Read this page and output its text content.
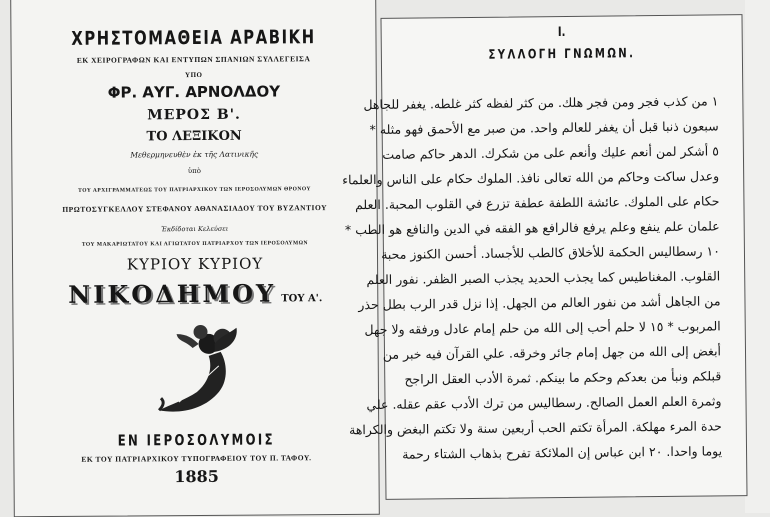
ΧΡΗΣΤΟΜΑΘΕΙΑ ΑΡΑΒΙΚΗ
ΕΚ ΧΕΙΡΟΓΡΑΦΩΝ ΚΑΙ ΕΝΤΥΠΩΝ ΣΠΑΝΙΩΝ ΣΥΛΛΕΓΕΙΣΑ
ΥΠΟ
ΦΡ. ΑΥΓ. ΑΡΝΟΛΔΟΥ
ΜΕΡΟΣ Β'.
ΤΟ ΛΕΞΙΚΟΝ
Μεθερμηνευθὲν ἐκ τῆς Λατινικῆς
ὑπὸ
ΤΟΥ ΑΡΧΙΓΡΑΜΜΑΤΕΩΣ ΤΟΥ ΠΑΤΡΙΑΡΧΙΚΟΥ ΤΩΝ ΙΕΡΟΣΟΛΥΜΩΝ ΘΡΟΝΟΥ
ΠΡΩΤΟΣΥΓΚΕΛΛΟΥ ΣΤΕΦΑΝΟΥ ΑΘΑΝΑΣΙΑΔΟΥ ΤΟΥ ΒΥΖΑΝΤΙΟΥ
Ἐκδίδοται Κελεύσει
ΤΟΥ ΜΑΚΑΡΙΩΤΑΤΟΥ ΚΑΙ ΑΓΙΩΤΑΤΟΥ ΠΑΤΡΙΑΡΧΟΥ ΤΩΝ ΙΕΡΟΣΟΛΥΜΩΝ
ΚΥΡΙΟΥ ΚΥΡΙΟΥ
ΝΙΚΟΔΗΜΟΥ ΤΟΥ Α'.
ΕΝ ΙΕΡΟΣΟΛΥΜΟΙΣ
ΕΚ ΤΟΥ ΠΑΤΡΙΑΡΧΙΚΟΥ ΤΥΠΟΓΡΑΦΕΙΟΥ ΤΟΥ Π. ΤΑΦΟΥ.
1885
I.
ΣΥΛΛΟΓΗ ΓΝΩΜΩΝ.
١ من كذب فجر ومن فجر هلك. من كثر لفظه كثر غلطه. يغفر للجاهل
سبعون ذنبا قبل أن يغفر للعالم واحد. من صبر مع الأحمق فهو مثله *
٥ أشكر لمن أنعم عليك وأنعم على من شكرك. الدهر حاكم صامت
وعدل ساكت وحاكم من الله تعالى نافذ. الملوك حكام على الناس والعلماء
حكام على الملوك. عائشة اللطفة عطفة تزرع في القلوب المحبة. العلم
علمان علم ينفع وعلم يرفع فالرافع هو الفقه في الدين والنافع هو الطب *
١٠ رسطاليس الحكمة للأخلاق كالطب للأجساد. أحسن الكنوز محبة
القلوب. المغناطيس كما يجذب الحديد يجذب الصبر الظفر. نفور العلم
من الجاهل أشد من نفور العالم من الجهل. إذا نزل قدر الرب بطل حذر
المربوب * ١٥ لا حلم أحب إلى الله من حلم إمام عادل ورفقه ولا جهل
أبغض إلى الله من جهل إمام جائر وخرقه. علي القرآن فيه خبر من
قبلكم ونبأ من بعدكم وحكم ما بينكم. ثمرة الأدب العقل الراجح
وثمرة العلم العمل الصالح. رسطاليس من ترك الأدب عقم عقله. علي
حدة المرء مهلكة. المرأة تكتم الحب أربعين سنة ولا تكتم البغض والكراهة
يوما واحدا. ٢٠ ابن عباس إن الملائكة تفرح بذهاب الشتاء رحمة
